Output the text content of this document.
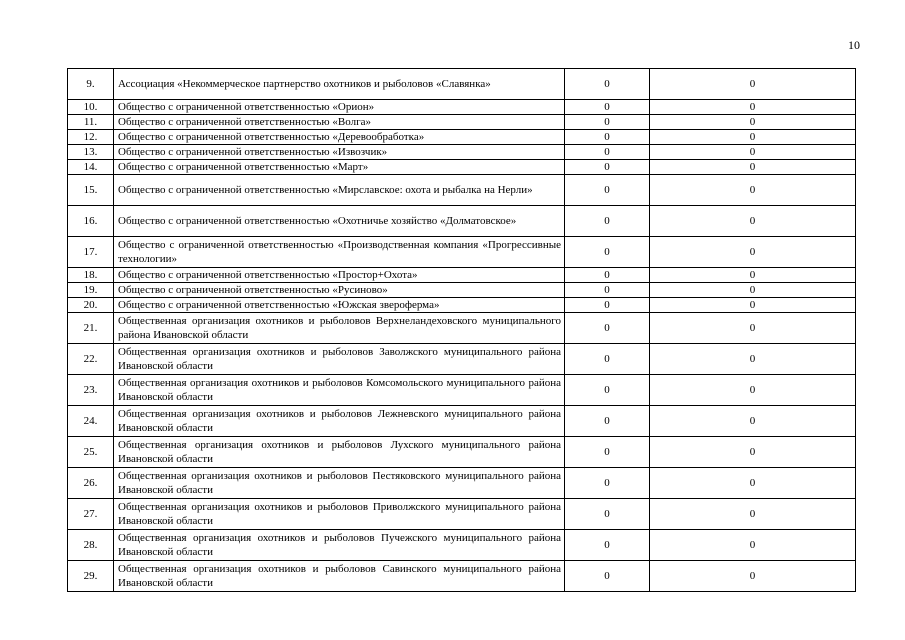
10
9.	Ассоциация «Некоммерческое партнерство охотников и рыболовов «Славянка»	0	0
10.	Общество с ограниченной ответственностью «Орион»	0	0
11.	Общество с ограниченной ответственностью «Волга»	0	0
12.	Общество с ограниченной ответственностью «Деревообработка»	0	0
13.	Общество с ограниченной ответственностью «Извозчик»	0	0
14.	Общество с ограниченной ответственностью «Март»	0	0
15.	Общество с ограниченной ответственностью «Мирславское: охота и рыбалка на Нерли»	0	0
16.	Общество с ограниченной ответственностью «Охотничье хозяйство «Долматовское»	0	0
17.	Общество с ограниченной ответственностью «Производственная компания «Прогрессивные технологии»	0	0
18.	Общество с ограниченной ответственностью «Простор+Охота»	0	0
19.	Общество с ограниченной ответственностью «Русиново»	0	0
20.	Общество с ограниченной ответственностью «Южская звероферма»	0	0
21.	Общественная организация охотников и рыболовов Верхнеландеховского муниципального района Ивановской области	0	0
22.	Общественная организация охотников и рыболовов Заволжского муниципального района Ивановской области	0	0
23.	Общественная организация охотников и рыболовов Комсомольского муниципального района Ивановской области	0	0
24.	Общественная организация охотников и рыболовов Лежневского муниципального района Ивановской области	0	0
25.	Общественная организация охотников и рыболовов Лухского муниципального района Ивановской области	0	0
26.	Общественная организация охотников и рыболовов Пестяковского муниципального района Ивановской области	0	0
27.	Общественная организация охотников и рыболовов Приволжского муниципального района Ивановской области	0	0
28.	Общественная организация охотников и рыболовов Пучежского муниципального района Ивановской области	0	0
29.	Общественная организация охотников и рыболовов Савинского муниципального района Ивановской области	0	0
